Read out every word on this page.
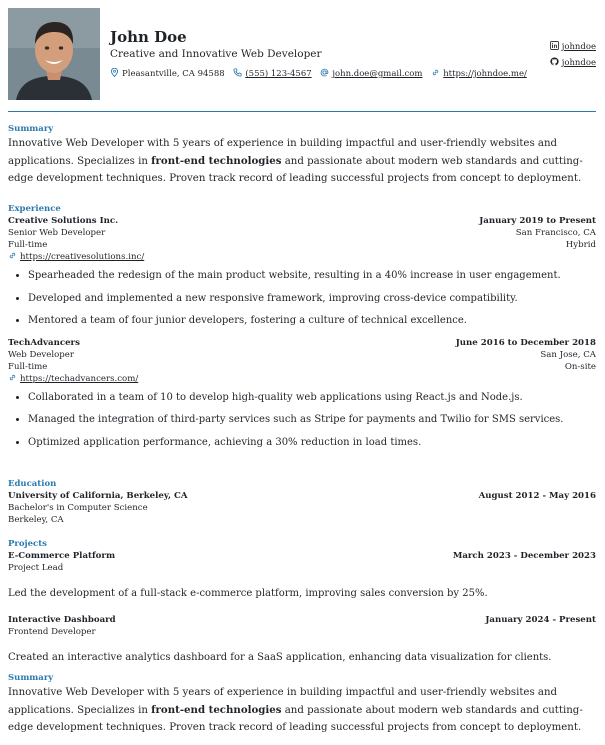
John Doe
Creative and Innovative Web Developer
Pleasantville, CA 94588 (555) 123-4567 john.doe@gmail.com https://johndoe.me/
johndoe
johndoe
Summary
Innovative Web Developer with 5 years of experience in building impactful and user-friendly websites and applications. Specializes in front-end technologies and passionate about modern web standards and cutting-edge development techniques. Proven track record of leading successful projects from concept to deployment.
Experience
Creative Solutions Inc.	January 2019 to Present
Senior Web Developer	San Francisco, CA
Full-time	Hybrid
https://creativesolutions.inc/
• Spearheaded the redesign of the main product website, resulting in a 40% increase in user engagement.
• Developed and implemented a new responsive framework, improving cross-device compatibility.
• Mentored a team of four junior developers, fostering a culture of technical excellence.
TechAdvancers	June 2016 to December 2018
Web Developer	San Jose, CA
Full-time	On-site
https://techadvancers.com/
• Collaborated in a team of 10 to develop high-quality web applications using React.js and Node.js.
• Managed the integration of third-party services such as Stripe for payments and Twilio for SMS services.
• Optimized application performance, achieving a 30% reduction in load times.
Education
University of California, Berkeley, CA	August 2012 - May 2016
Bachelor's in Computer Science
Berkeley, CA
Projects
E-Commerce Platform	March 2023 - December 2023
Project Lead
Led the development of a full-stack e-commerce platform, improving sales conversion by 25%.
Interactive Dashboard	January 2024 - Present
Frontend Developer
Created an interactive analytics dashboard for a SaaS application, enhancing data visualization for clients.
Summary
Innovative Web Developer with 5 years of experience in building impactful and user-friendly websites and applications. Specializes in front-end technologies and passionate about modern web standards and cutting-edge development techniques. Proven track record of leading successful projects from concept to deployment.
